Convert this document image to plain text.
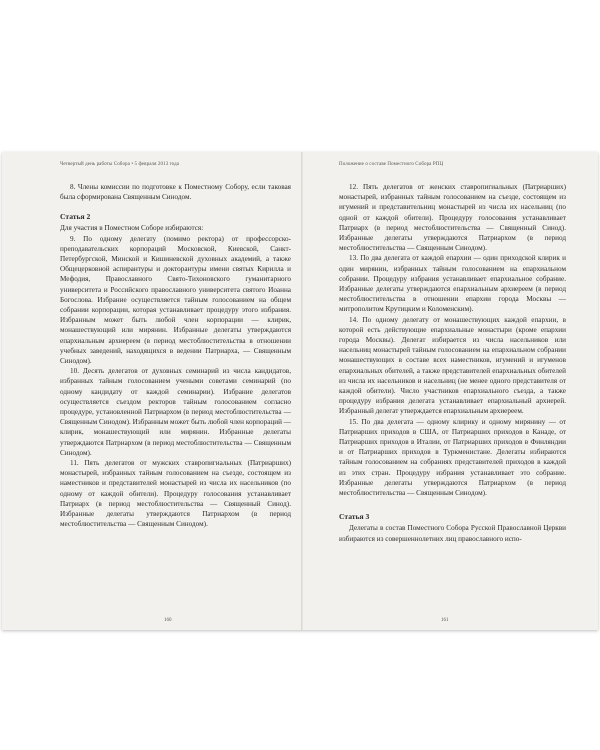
Четвертый день работы Собора • 5 февраля 2013 года

8. Члены комиссии по подготовке к Поместному Собору, если таковая была сформирована Священным Синодом.

Статья 2

Для участия в Поместном Соборе избираются:

9. По одному делегату (помимо ректора) от профессорско-преподавательских корпораций Московской, Киевской, Санкт-Петербургской, Минской и Кишиневской духовных академий, а также Общецерковной аспирантуры и докторантуры имени святых Кирилла и Мефодия, Православного Свято-Тихоновского гуманитарного университета и Российского православного университета святого Иоанна Богослова. Избрание осуществляется тайным голосованием на общем собрании корпорации, которая устанавливает процедуру этого избрания. Избранным может быть любой член корпорации — клирик, монашествующий или мирянин. Избранные делегаты утверждаются епархиальным архиереем (в период местоблюстительства в отношении учебных заведений, находящихся в ведении Патриарха, — Священным Синодом).

10. Десять делегатов от духовных семинарий из числа кандидатов, избранных тайным голосованием учеными советами семинарий (по одному кандидату от каждой семинарии). Избрание делегатов осуществляется съездом ректоров тайным голосованием согласно процедуре, установленной Патриархом (в период местоблюстительства — Священным Синодом). Избранным может быть любой член корпораций — клирик, монашествующий или мирянин. Избранные делегаты утверждаются Патриархом (в период местоблюстительства — Священным Синодом).

11. Пять делегатов от мужских ставропигиальных (Патриарших) монастырей, избранных тайным голосованием на съезде, состоящем из наместников и представителей монастырей из числа их насельников (по одному от каждой обители). Процедуру голосования устанавливает Патриарх (в период местоблюстительства — Священный Синод). Избранные делегаты утверждаются Патриархом (в период местоблюстительства — Священным Синодом).

160
Положение о составе Поместного Собора РПЦ

12. Пять делегатов от женских ставропигиальных (Патриарших) монастырей, избранных тайным голосованием на съезде, состоящем из игумений и представительниц монастырей из числа их насельниц (по одной от каждой обители). Процедуру голосования устанавливает Патриарх (в период местоблюстительства — Священный Синод). Избранные делегаты утверждаются Патриархом (в период местоблюстительства — Священным Синодом).

13. По два делегата от каждой епархии — один приходской клирик и один мирянин, избранных тайным голосованием на епархиальном собрании. Процедуру избрания устанавливает епархиальное собрание. Избранные делегаты утверждаются епархиальным архиереем (в период местоблюстительства в отношении епархии города Москвы — митрополитом Крутицким и Коломенским).

14. По одному делегату от монашествующих каждой епархии, в которой есть действующие епархиальные монастыри (кроме епархии города Москвы). Делегат избирается из числа насельников или насельниц монастырей тайным голосованием на епархиальном собрании монашествующих в составе всех наместников, игумений и игуменов епархиальных обителей, а также представителей епархиальных обителей из числа их насельников и насельниц (не менее одного представителя от каждой обители). Число участников епархиального съезда, а также процедуру избрания делегата устанавливает епархиальный архиерей. Избранный делегат утверждается епархиальным архиереем.

15. По два делегата — одному клирику и одному мирянину — от Патриарших приходов в США, от Патриарших приходов в Канаде, от Патриарших приходов в Италии, от Патриарших приходов в Финляндии и от Патриарших приходов в Туркменистане. Делегаты избираются тайным голосованием на собраниях представителей приходов в каждой из этих стран. Процедуру избрания устанавливает это собрание. Избранные делегаты утверждаются Патриархом (в период местоблюстительства — Священным Синодом).

Статья 3

Делегаты в состав Поместного Собора Русской Православной Церкви избираются из совершеннолетних лиц православного испо-

161
